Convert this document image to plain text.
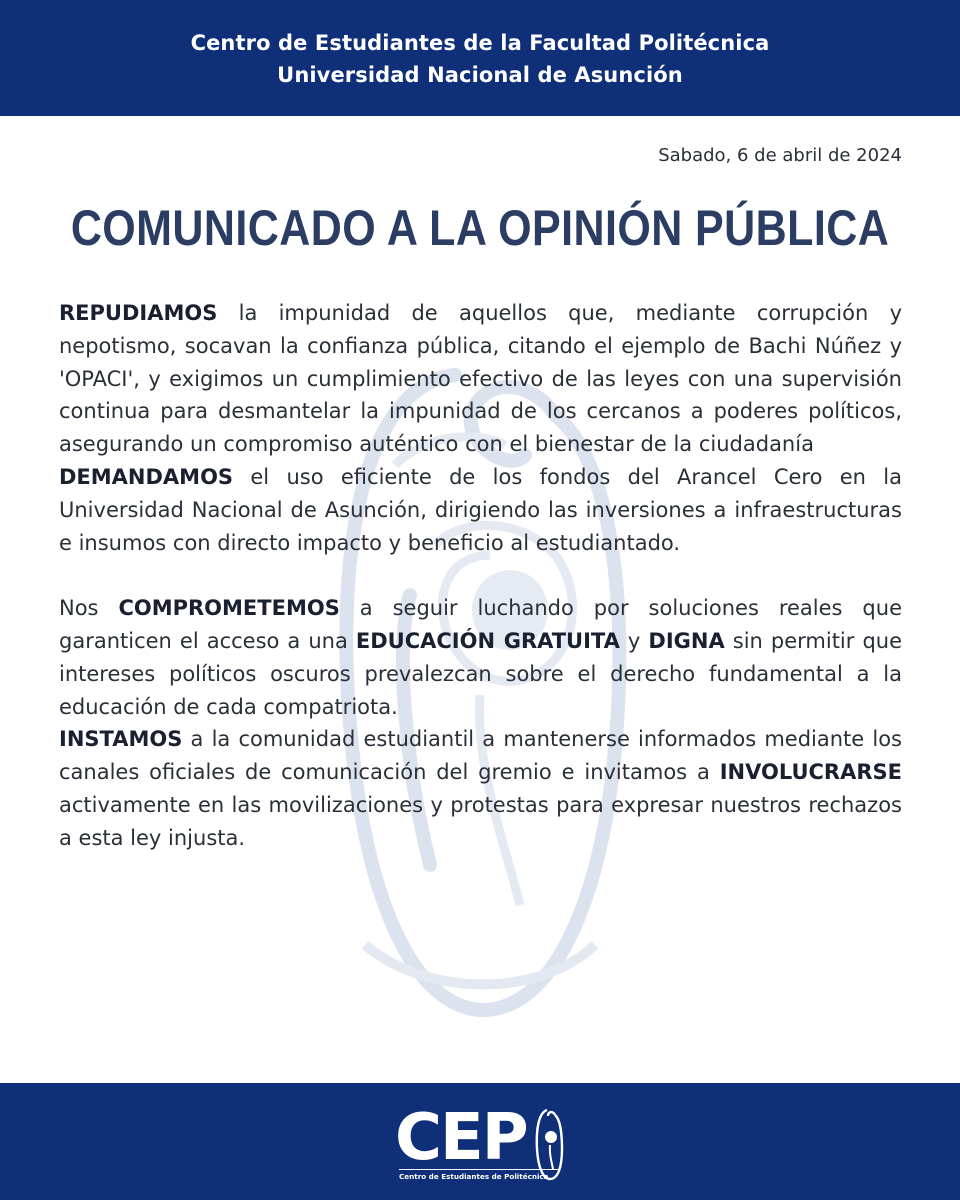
Centro de Estudiantes de la Facultad Politécnica
Universidad Nacional de Asunción
Sabado, 6 de abril de 2024
COMUNICADO A LA OPINIÓN PÚBLICA

REPUDIAMOS la impunidad de aquellos que, mediante corrupción y nepotismo, socavan la confianza pública, citando el ejemplo de Bachi Núñez y 'OPACI', y exigimos un cumplimiento efectivo de las leyes con una supervisión continua para desmantelar la impunidad de los cercanos a poderes políticos, asegurando un compromiso auténtico con el bienestar de la ciudadanía

DEMANDAMOS el uso eficiente de los fondos del Arancel Cero en la Universidad Nacional de Asunción, dirigiendo las inversiones a infraestructuras e insumos con directo impacto y beneficio al estudiantado.

Nos COMPROMETEMOS a seguir luchando por soluciones reales que garanticen el acceso a una EDUCACIÓN GRATUITA y DIGNA sin permitir que intereses políticos oscuros prevalezcan sobre el derecho fundamental a la educación de cada compatriota.

INSTAMOS a la comunidad estudiantil a mantenerse informados mediante los canales oficiales de comunicación del gremio e invitamos a INVOLUCRARSE activamente en las movilizaciones y protestas para expresar nuestros rechazos a esta ley injusta.

CEP
Centro de Estudiantes de Politécnica
